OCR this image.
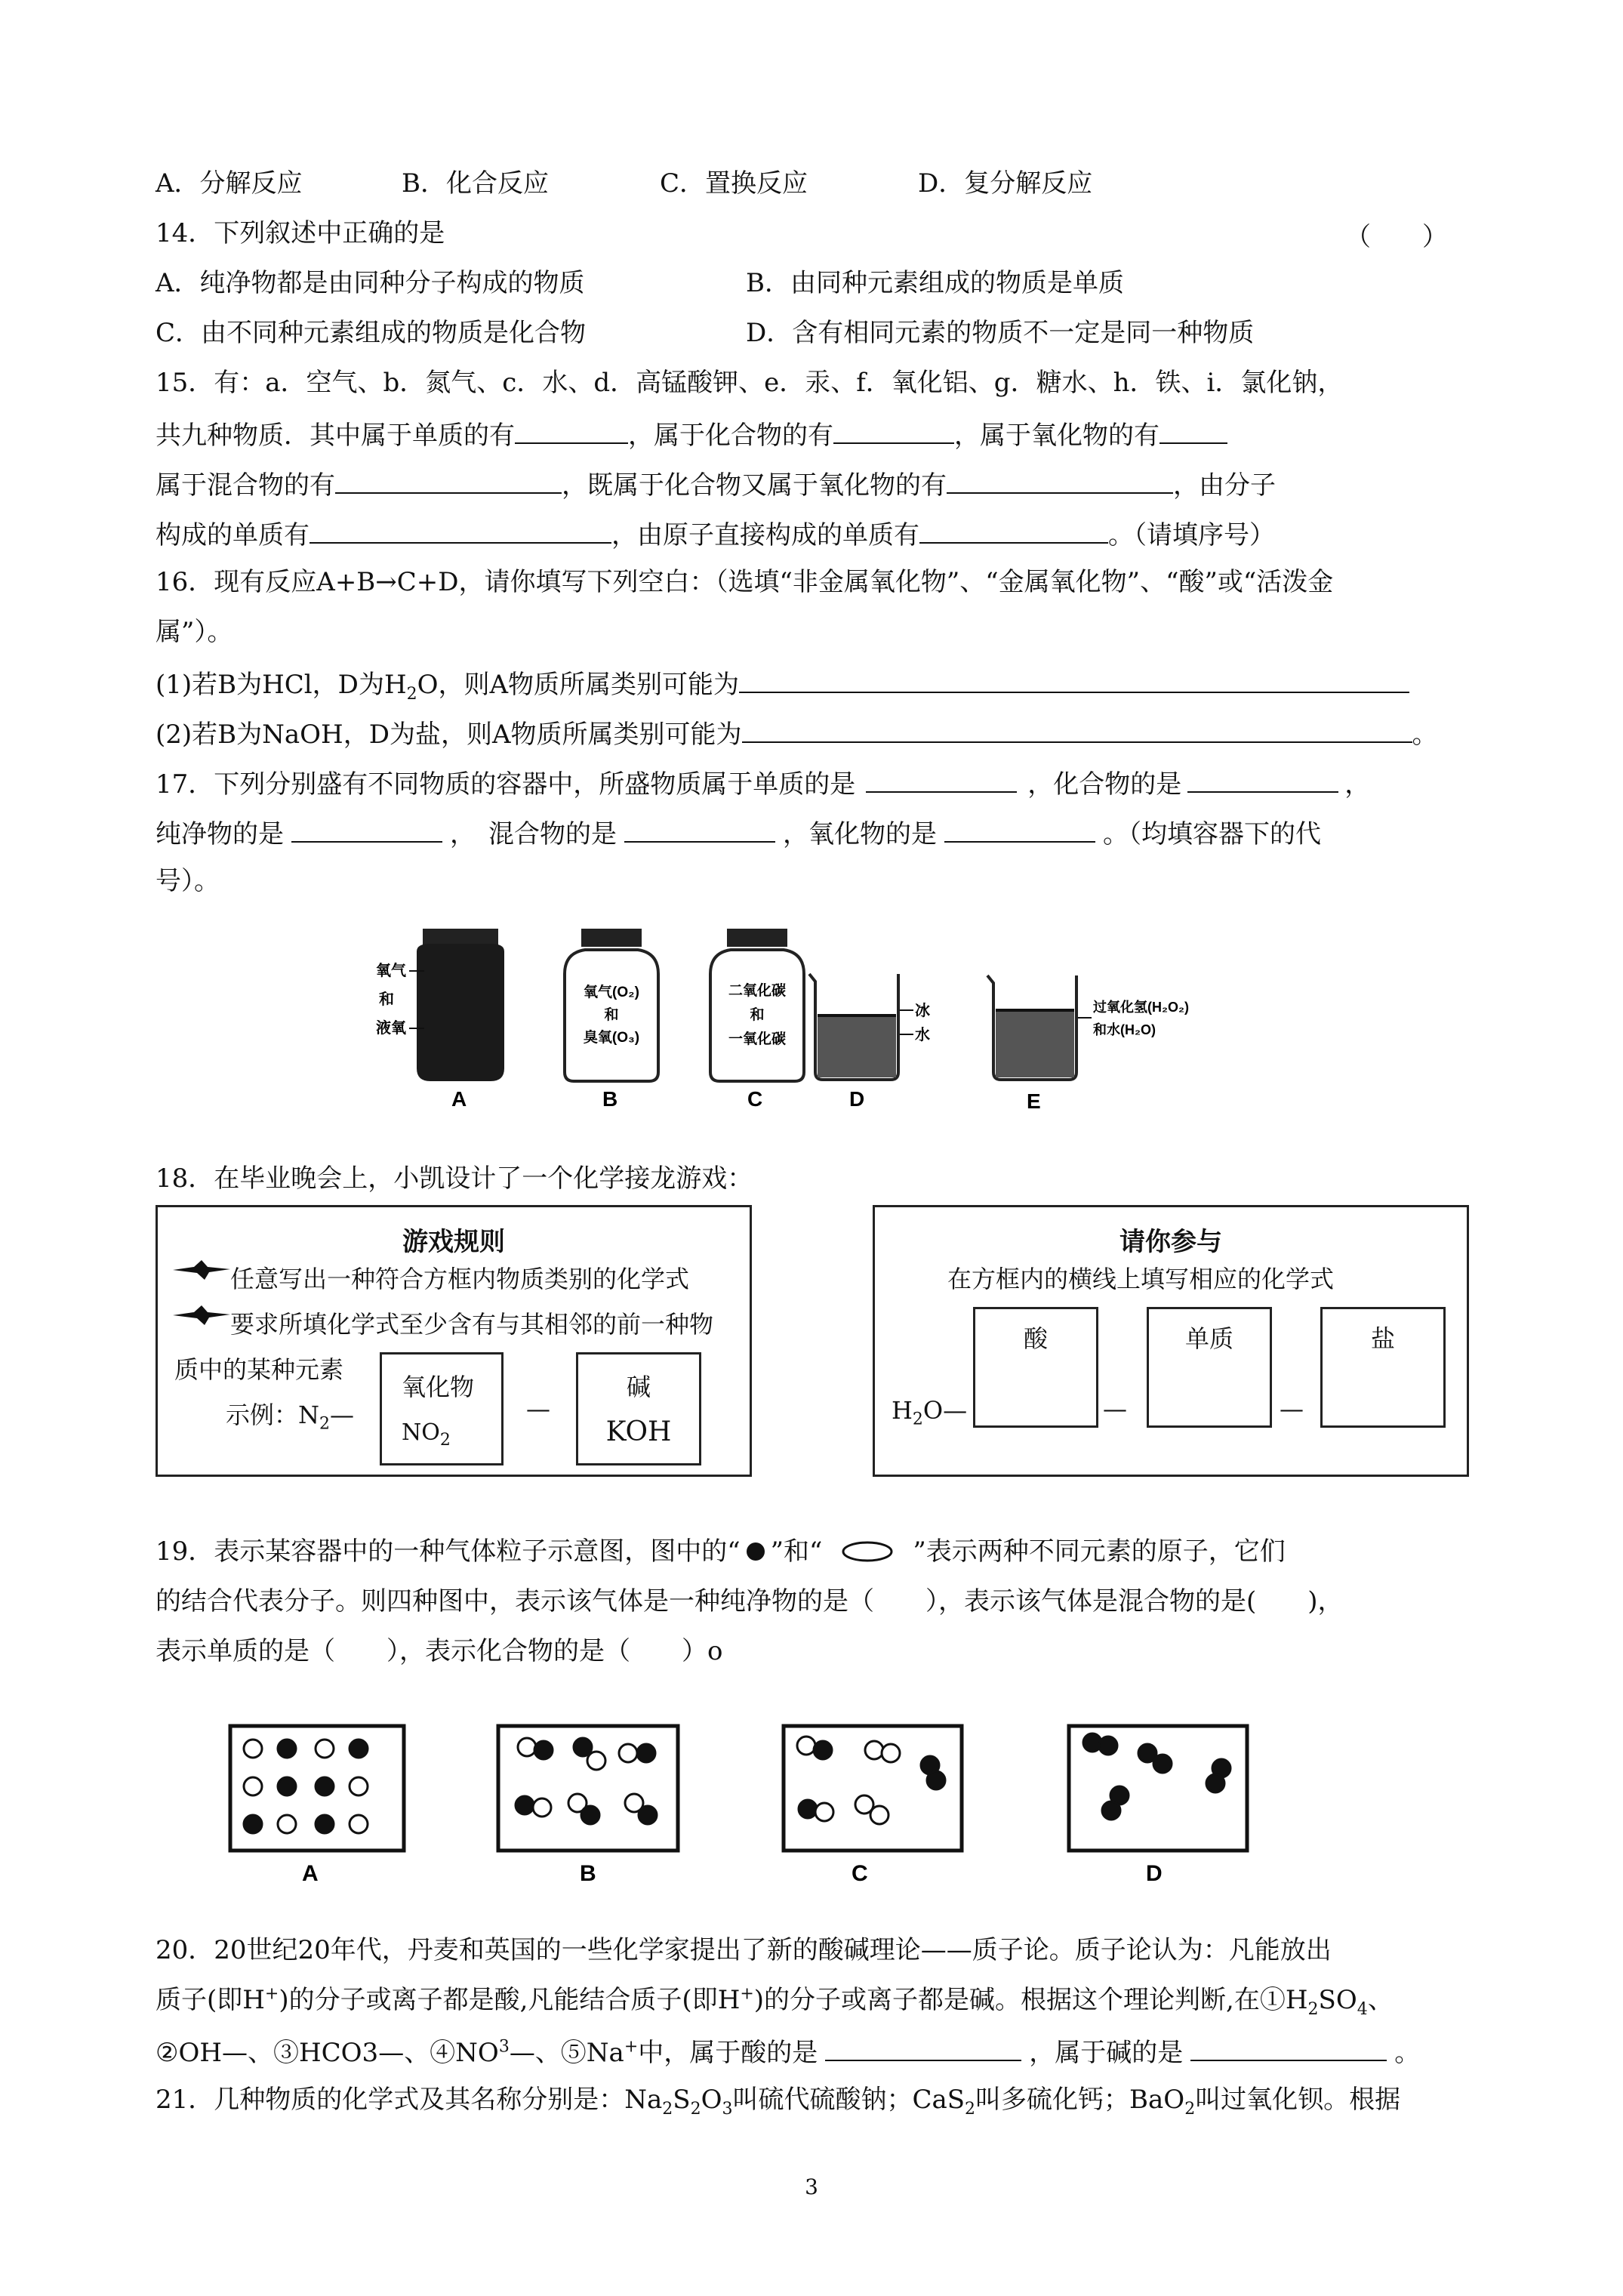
A．分解反应	B．化合反应	C．置换反应	D．复分解反应
14．下列叙述中正确的是	（　　）
A．纯净物都是由同种分子构成的物质	B．由同种元素组成的物质是单质
C．由不同种元素组成的物质是化合物	D．含有相同元素的物质不一定是同一种物质
15．有：a．空气、b．氮气、c．水、d．高锰酸钾、e．汞、f．氧化铝、g．糖水、h．铁、i．氯化钠，
共九种物质．其中属于单质的有	，属于化合物的有	，属于氧化物的有
属于混合物的有	，既属于化合物又属于氧化物的有	，由分子
构成的单质有	，由原子直接构成的单质有	。（请填序号）
16．现有反应A+B→C+D，请你填写下列空白：（选填“非金属氧化物”、“金属氧化物”、“酸”或“活泼金
属”）。
(1)若B为HCl，D为$H_2O$，则A物质所属类别可能为
(2)若B为NaOH，D为盐，则A物质所属类别可能为	。
17．下列分别盛有不同物质的容器中，所盛物质属于单质的是	，化合物的是	，
纯净物的是	，　混合物的是	，氧化物的是	。（均填容器下的代
号）。
氧气
和
液氧
A
氧气(O₂)
和
臭氧(O₃)
B
二氧化碳
和
一氧化碳
C
冰
水
D
过氧化氢(H₂O₂)
和水(H₂O)
E
18．在毕业晚会上，小凯设计了一个化学接龙游戏：
游戏规则
任意写出一种符合方框内物质类别的化学式
要求所填化学式至少含有与其相邻的前一种物
质中的某种元素
示例：$N_2—$
氧化物
$NO_2$
—
碱
KOH
请你参与
在方框内的横线上填写相应的化学式
$H_2O—$
酸
—
单质
—
盐
19．表示某容器中的一种气体粒子示意图，图中的“ ”和“	”表示两种不同元素的原子，它们
的结合代表分子。则四种图中，表示该气体是一种纯净物的是（　　），表示该气体是混合物的是(　　)，
表示单质的是（　　），表示化合物的是（　　）o
A	B	C	D
20．20世纪20年代，丹麦和英国的一些化学家提出了新的酸碱理论——质子论。质子论认为：凡能放出
质子(即H+)的分子或离子都是酸,凡能结合质子(即H+)的分子或离子都是碱。根据这个理论判断,在$①H_2SO_4$、
②OH—、③HCO3—、$④NO^3—$、⑤Na+中，属于酸的是	，属于碱的是	。
21．几种物质的化学式及其名称分别是：$Na_2S_2O_3$叫硫代硫酸钠；CaS$_2$叫多硫化钙；BaO$_2$叫过氧化钡。根据
3
